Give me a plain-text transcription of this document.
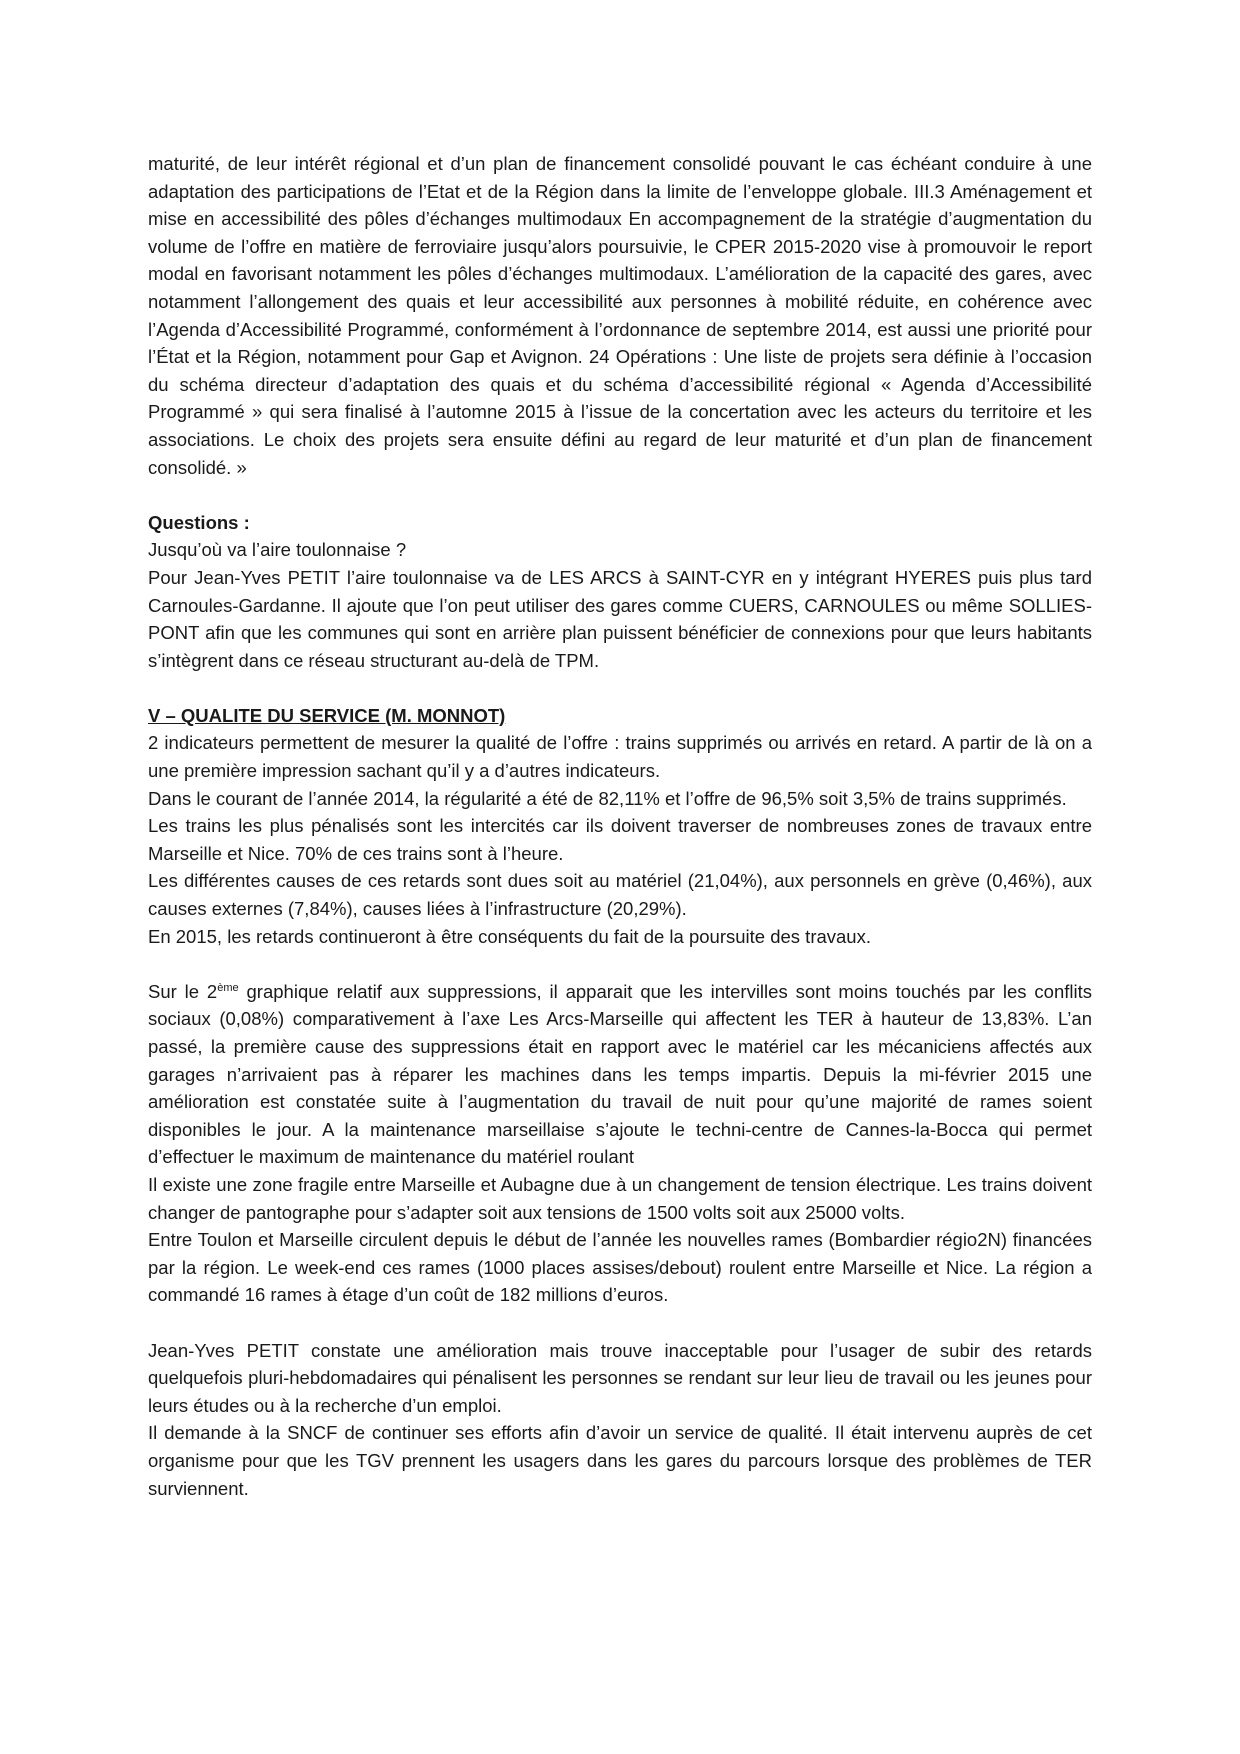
maturité, de leur intérêt régional et d’un plan de financement consolidé pouvant le cas échéant conduire à une adaptation des participations de l’Etat et de la Région dans la limite de l’enveloppe globale. III.3 Aménagement et mise en accessibilité des pôles d’échanges multimodaux En accompagnement de la stratégie d’augmentation du volume de l’offre en matière de ferroviaire jusqu’alors poursuivie, le CPER 2015-2020 vise à promouvoir le report modal en favorisant notamment les pôles d’échanges multimodaux. L’amélioration de la capacité des gares, avec notamment l’allongement des quais et leur accessibilité aux personnes à mobilité réduite, en cohérence avec l’Agenda d’Accessibilité Programmé, conformément à l’ordonnance de septembre 2014, est aussi une priorité pour l’État et la Région, notamment pour Gap et Avignon. 24 Opérations : Une liste de projets sera définie à l’occasion du schéma directeur d’adaptation des quais et du schéma d’accessibilité régional « Agenda d’Accessibilité Programmé » qui sera finalisé à l’automne 2015 à l’issue de la concertation avec les acteurs du territoire et les associations. Le choix des projets sera ensuite défini au regard de leur maturité et d’un plan de financement consolidé. »

Questions :

Jusqu’où va l’aire toulonnaise ?

Pour Jean-Yves PETIT l’aire toulonnaise va de LES ARCS à SAINT-CYR en y intégrant HYERES puis plus tard Carnoules-Gardanne. Il ajoute que l’on peut utiliser des gares comme CUERS, CARNOULES ou même SOLLIES-PONT afin que les communes qui sont en arrière plan puissent bénéficier de connexions pour que leurs habitants s’intègrent dans ce réseau structurant au-delà de TPM.

V – QUALITE DU SERVICE (M. MONNOT)

2 indicateurs permettent de mesurer la qualité de l’offre : trains supprimés ou arrivés en retard. A partir de là on a une première impression sachant qu’il y a d’autres indicateurs.

Dans le courant de l’année 2014, la régularité a été de 82,11% et l’offre de 96,5% soit 3,5% de trains supprimés.

Les trains les plus pénalisés sont les intercités car ils doivent traverser de nombreuses zones de travaux entre Marseille et Nice. 70% de ces trains sont à l’heure.

Les différentes causes de ces retards sont dues soit au matériel (21,04%), aux personnels en grève (0,46%), aux causes externes (7,84%), causes liées à l’infrastructure (20,29%).

En 2015, les retards continueront à être conséquents du fait de la poursuite des travaux.

Sur le 2ème graphique relatif aux suppressions, il apparait que les intervilles sont moins touchés par les conflits sociaux (0,08%) comparativement à l’axe Les Arcs-Marseille qui affectent les TER à hauteur de 13,83%. L’an passé, la première cause des suppressions était en rapport avec le matériel car les mécaniciens affectés aux garages n’arrivaient pas à réparer les machines dans les temps impartis. Depuis la mi-février 2015 une amélioration est constatée suite à l’augmentation du travail de nuit pour qu’une majorité de rames soient disponibles le jour. A la maintenance marseillaise s’ajoute le techni-centre de Cannes-la-Bocca qui permet d’effectuer le maximum de maintenance du matériel roulant

Il existe une zone fragile entre Marseille et Aubagne due à un changement de tension électrique. Les trains doivent changer de pantographe pour s’adapter soit aux tensions de 1500 volts soit aux 25000 volts.

Entre Toulon et Marseille circulent depuis le début de l’année les nouvelles rames (Bombardier régio2N) financées par la région. Le week-end ces rames (1000 places assises/debout) roulent entre Marseille et Nice. La région a commandé 16 rames à étage d’un coût de 182 millions d’euros.

Jean-Yves PETIT constate une amélioration mais trouve inacceptable pour l’usager de subir des retards quelquefois pluri-hebdomadaires qui pénalisent les personnes se rendant sur leur lieu de travail ou les jeunes pour leurs études ou à la recherche d’un emploi.

Il demande à la SNCF de continuer ses efforts afin d’avoir un service de qualité. Il était intervenu auprès de cet organisme pour que les TGV prennent les usagers dans les gares du parcours lorsque des problèmes de TER surviennent.
